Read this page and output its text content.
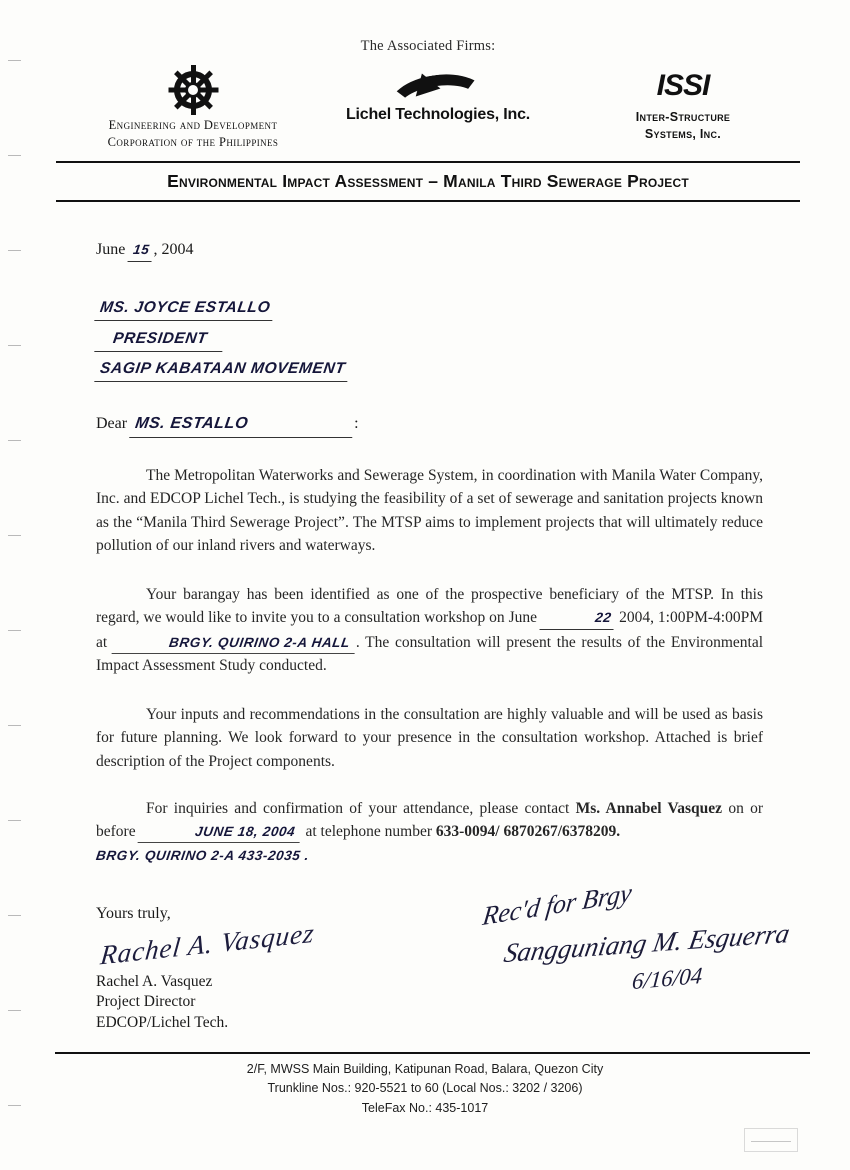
The Associated Firms:
Engineering and Development
Corporation of the Philippines
Lichel Technologies, Inc.
ISSI
Inter-Structure
Systems, Inc.
Environmental Impact Assessment – Manila Third Sewerage Project
June 15 , 2004
MS. JOYCE ESTALLO
PRESIDENT
SAGIP KABATAAN MOVEMENT
Dear MS. ESTALLO	:

The Metropolitan Waterworks and Sewerage System, in coordination with Manila Water Company, Inc. and EDCOP Lichel Tech., is studying the feasibility of a set of sewerage and sanitation projects known as the “Manila Third Sewerage Project”. The MTSP aims to implement projects that will ultimately reduce pollution of our inland rivers and waterways.

Your barangay has been identified as one of the prospective beneficiary of the MTSP. In this regard, we would like to invite you to a consultation workshop on June	22 2004, 1:00PM-4:00PM at	BRGY. QUIRINO 2-A HALL . The consultation will present the results of the Environmental Impact Assessment Study conducted.

Your inputs and recommendations in the consultation are highly valuable and will be used as basis for future planning. We look forward to your presence in the consultation workshop. Attached is brief description of the Project components.

For inquiries and confirmation of your attendance, please contact Ms. Annabel Vasquez on or before	JUNE 18, 2004 at telephone number 633-0094/ 6870267/6378209.
BRGY. QUIRINO 2-A 433-2035 .

Yours truly,
Rachel A. Vasquez
Rachel A. Vasquez
Project Director
EDCOP/Lichel Tech.
Rec'd for Brgy
Sangguniang M. Esguerra
6/16/04
2/F, MWSS Main Building, Katipunan Road, Balara, Quezon City
Trunkline Nos.: 920-5521 to 60 (Local Nos.: 3202 / 3206)
TeleFax No.: 435-1017
